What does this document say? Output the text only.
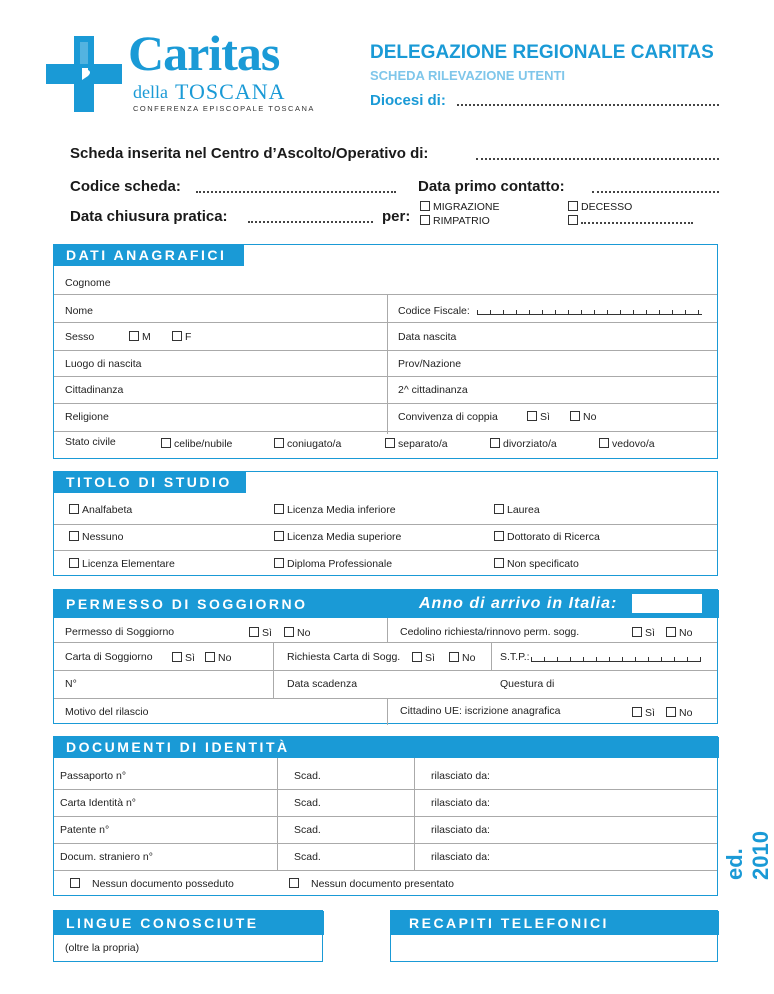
Caritas
della TOSCANA
CONFERENZA EPISCOPALE TOSCANA
DELEGAZIONE REGIONALE CARITAS
SCHEDA RILEVAZIONE UTENTI
Diocesi di:
Scheda inserita nel Centro d’Ascolto/Operativo di:
Codice scheda:	Data primo contatto:
Data chiusura pratica:	per:
MIGRAZIONE
RIMPATRIO
DECESSO
DATI ANAGRAFICI
Cognome
Nome	Codice Fiscale:
Sesso	M	F	Data nascita
Luogo di nascita	Prov/Nazione
Cittadinanza	2^ cittadinanza
Religione	Convivenza di coppia	Sì	No
Stato civile	celibe/nubile	coniugato/a	separato/a	divorziato/a	vedovo/a
TITOLO DI STUDIO
Analfabeta	Licenza Media inferiore	Laurea
Nessuno	Licenza Media superiore	Dottorato di Ricerca
Licenza Elementare	Diploma Professionale	Non specificato
PERMESSO DI SOGGIORNO	Anno di arrivo in Italia:
Permesso di Soggiorno	Sì	No	Cedolino richiesta/rinnovo perm. sogg.	Sì	No
Carta di Soggiorno	Sì	No	Richiesta Carta di Sogg.	Sì	No S.T.P.:
N°	Data scadenza	Questura di
Motivo del rilascio	Cittadino UE: iscrizione anagrafica	Sì	No
DOCUMENTI DI IDENTITÀ
Passaporto n°	Scad.	rilasciato da:
Carta Identità n°	Scad.	rilasciato da:
Patente n°	Scad.	rilasciato da:
Docum. straniero n°	Scad.	rilasciato da:
Nessun documento posseduto	Nessun documento presentato
LINGUE CONOSCIUTE
(oltre la propria)
RECAPITI TELEFONICI
ed. 2010
